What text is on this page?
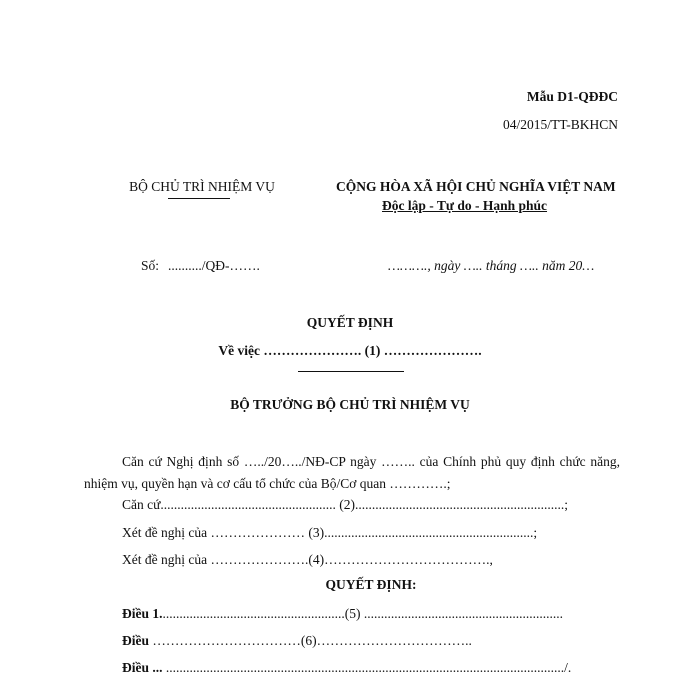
Mẫu D1-QĐĐC
04/2015/TT-BKHCN
BỘ CHỦ TRÌ NHIỆM VỤ	CỘNG HÒA XÃ HỘI CHỦ NGHĨA VIỆT NAM
Độc lập - Tự do - Hạnh phúc
Số: ........../QĐ-…….	………., ngày ….. tháng ….. năm 20…
QUYẾT ĐỊNH
Về việc …………………. (1) ………………….
BỘ TRƯỞNG BỘ CHỦ TRÌ NHIỆM VỤ
Căn cứ Nghị định số …../20…../NĐ-CP ngày …….. của Chính phủ quy định chức năng, nhiệm vụ, quyền hạn và cơ cấu tổ chức của Bộ/Cơ quan ………….;
Căn cứ.................................................... (2)..............................................................;
Xét đề nghị của ………………… (3)..............................................................;
Xét đề nghị của ………………….(4)……………………………….,
QUYẾT ĐỊNH:
Điều 1.......................................................(5) ...........................................................
Điều ……………………………(6)……………………………..
Điều ... ....................................................................................................................../.
